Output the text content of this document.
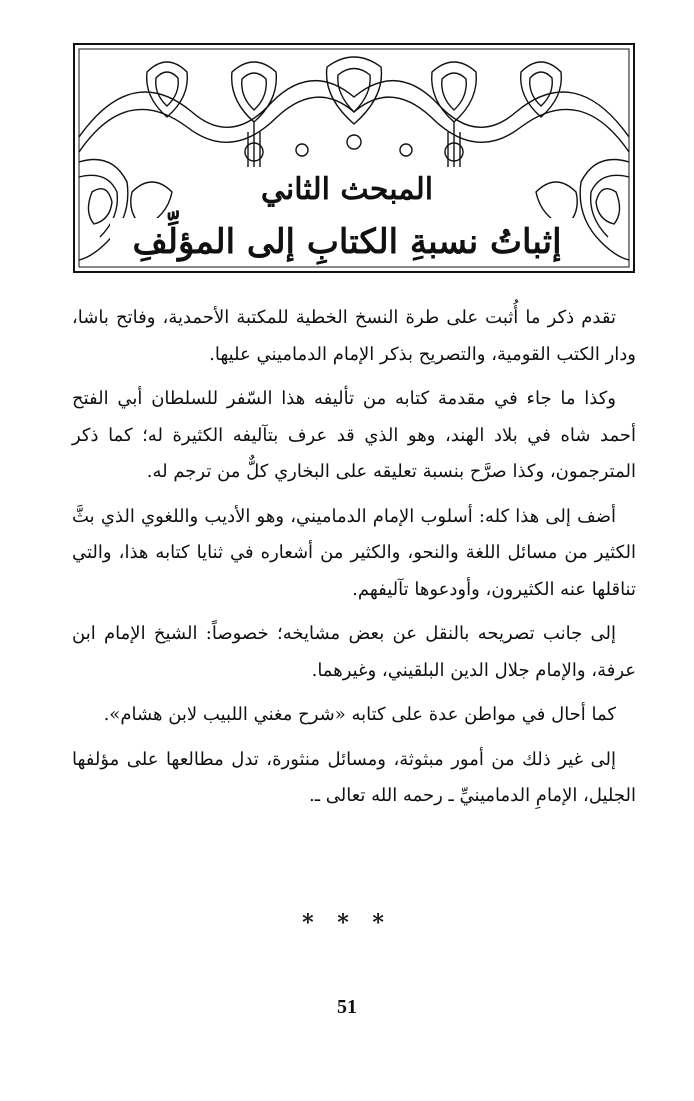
المبحث الثاني
إثباتُ نسبةِ الكتابِ إلى المؤلِّفِ

تقدم ذكر ما أُثبت على طرة النسخ الخطية للمكتبة الأحمدية، وفاتح باشا، ودار الكتب القومية، والتصريح بذكر الإمام الدماميني عليها.

وكذا ما جاء في مقدمة كتابه من تأليفه هذا السّفر للسلطان أبي الفتح أحمد شاه في بلاد الهند، وهو الذي قد عرف بتآليفه الكثيرة له؛ كما ذكر المترجمون، وكذا صرَّح بنسبة تعليقه على البخاري كلٌّ من ترجم له.

أضف إلى هذا كله: أسلوب الإمام الدماميني، وهو الأديب واللغوي الذي بثَّ الكثير من مسائل اللغة والنحو، والكثير من أشعاره في ثنايا كتابه هذا، والتي تناقلها عنه الكثيرون، وأودعوها تآليفهم.

إلى جانب تصريحه بالنقل عن بعض مشايخه؛ خصوصاً: الشيخ الإمام ابن عرفة، والإمام جلال الدين البلقيني، وغيرهما.

كما أحال في مواطن عدة على كتابه «شرح مغني اللبيب لابن هشام».

إلى غير ذلك من أمور مبثوثة، ومسائل منثورة، تدل مطالعها على مؤلفها الجليل، الإمامِ الدمامينيِّ ـ رحمه الله تعالى ـ.

* * *
51
